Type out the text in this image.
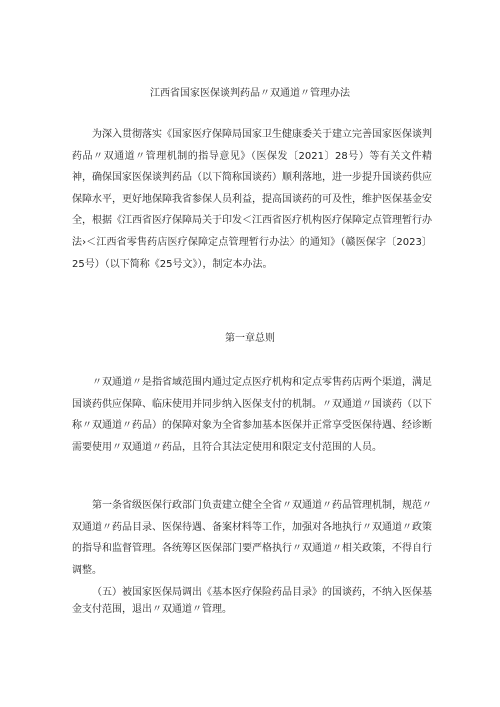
江西省国家医保谈判药品〃双通道〃管理办法

为深入贯彻落实《国家医疗保障局国家卫生健康委关于建立完善国家医保谈判药品〃双通道〃管理机制的指导意见》（医保发〔2021〕28号）等有关文件精神，确保国家医保谈判药品（以下简称国谈药）顺利落地，进一步提升国谈药供应保障水平，更好地保障我省参保人员利益，提高国谈药的可及性，维护医保基金安全，根据《江西省医疗保障局关于印发＜江西省医疗机构医疗保障定点管理暂行办法›＜江西省零售药店医疗保障定点管理暂行办法〉的通知》（赣医保字〔2023〕25号）（以下简称《25号文》），制定本办法。

第一章总则

〃双通道〃是指省域范围内通过定点医疗机构和定点零售药店两个渠道，满足国谈药供应保障、临床使用并同步纳入医保支付的机制。〃双通道〃国谈药（以下称〃双通道〃药品）的保障对象为全省参加基本医保并正常享受医保待遇、经诊断需要使用〃双通道〃药品，且符合其法定使用和限定支付范围的人员。

第一条省级医保行政部门负责建立健全全省〃双通道〃药品管理机制，规范〃双通道〃药品目录、医保待遇、备案材料等工作，加强对各地执行〃双通道〃政策的指导和监督管理。各统筹区医保部门要严格执行〃双通道〃相关政策，不得自行调整。

（五）被国家医保局调出《基本医疗保险药品目录》的国谈药，不纳入医保基金支付范围，退出〃双通道〃管理。
